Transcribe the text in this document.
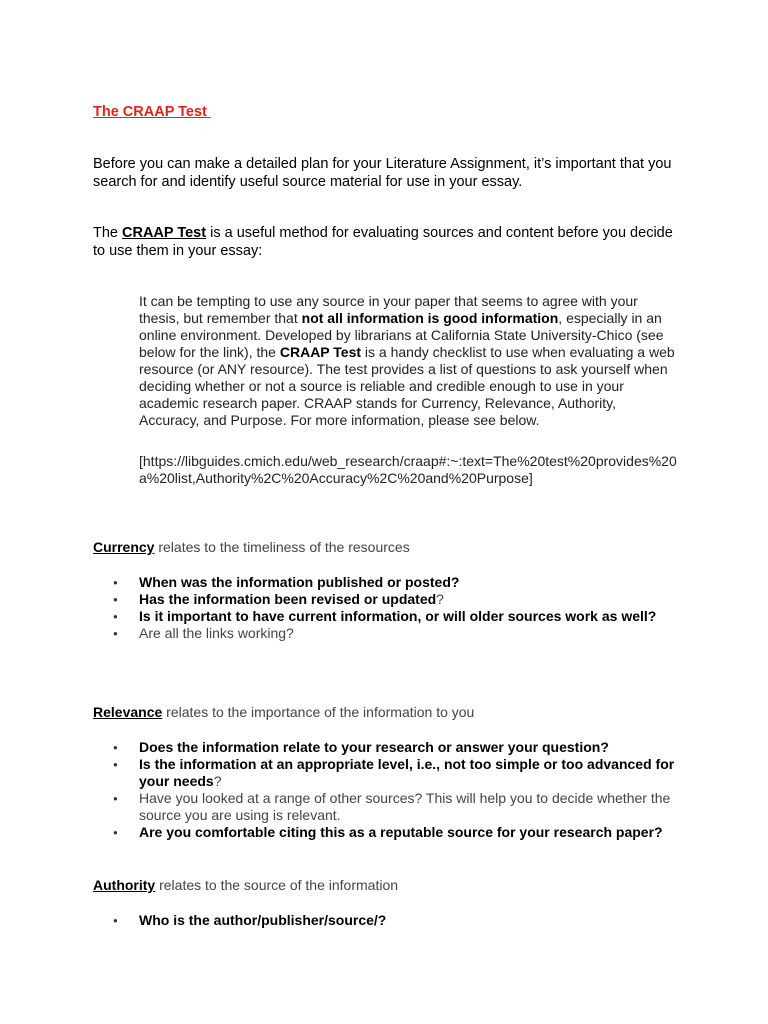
The CRAAP Test
Before you can make a detailed plan for your Literature Assignment, it’s important that you search for and identify useful source material for use in your essay.
The CRAAP Test is a useful method for evaluating sources and content before you decide to use them in your essay:
It can be tempting to use any source in your paper that seems to agree with your thesis, but remember that not all information is good information, especially in an online environment. Developed by librarians at California State University-Chico (see below for the link), the CRAAP Test is a handy checklist to use when evaluating a web resource (or ANY resource). The test provides a list of questions to ask yourself when deciding whether or not a source is reliable and credible enough to use in your academic research paper. CRAAP stands for Currency, Relevance, Authority, Accuracy, and Purpose. For more information, please see below.
[https://libguides.cmich.edu/web_research/craap#:~:text=The%20test%20provides%20a%20list,Authority%2C%20Accuracy%2C%20and%20Purpose]
Currency relates to the timeliness of the resources
● When was the information published or posted?
● Has the information been revised or updated?
● Is it important to have current information, or will older sources work as well?
● Are all the links working?
Relevance relates to the importance of the information to you
● Does the information relate to your research or answer your question?
● Is the information at an appropriate level, i.e., not too simple or too advanced for your needs?
● Have you looked at a range of other sources? This will help you to decide whether the source you are using is relevant.
● Are you comfortable citing this as a reputable source for your research paper?
Authority relates to the source of the information
● Who is the author/publisher/source/?
